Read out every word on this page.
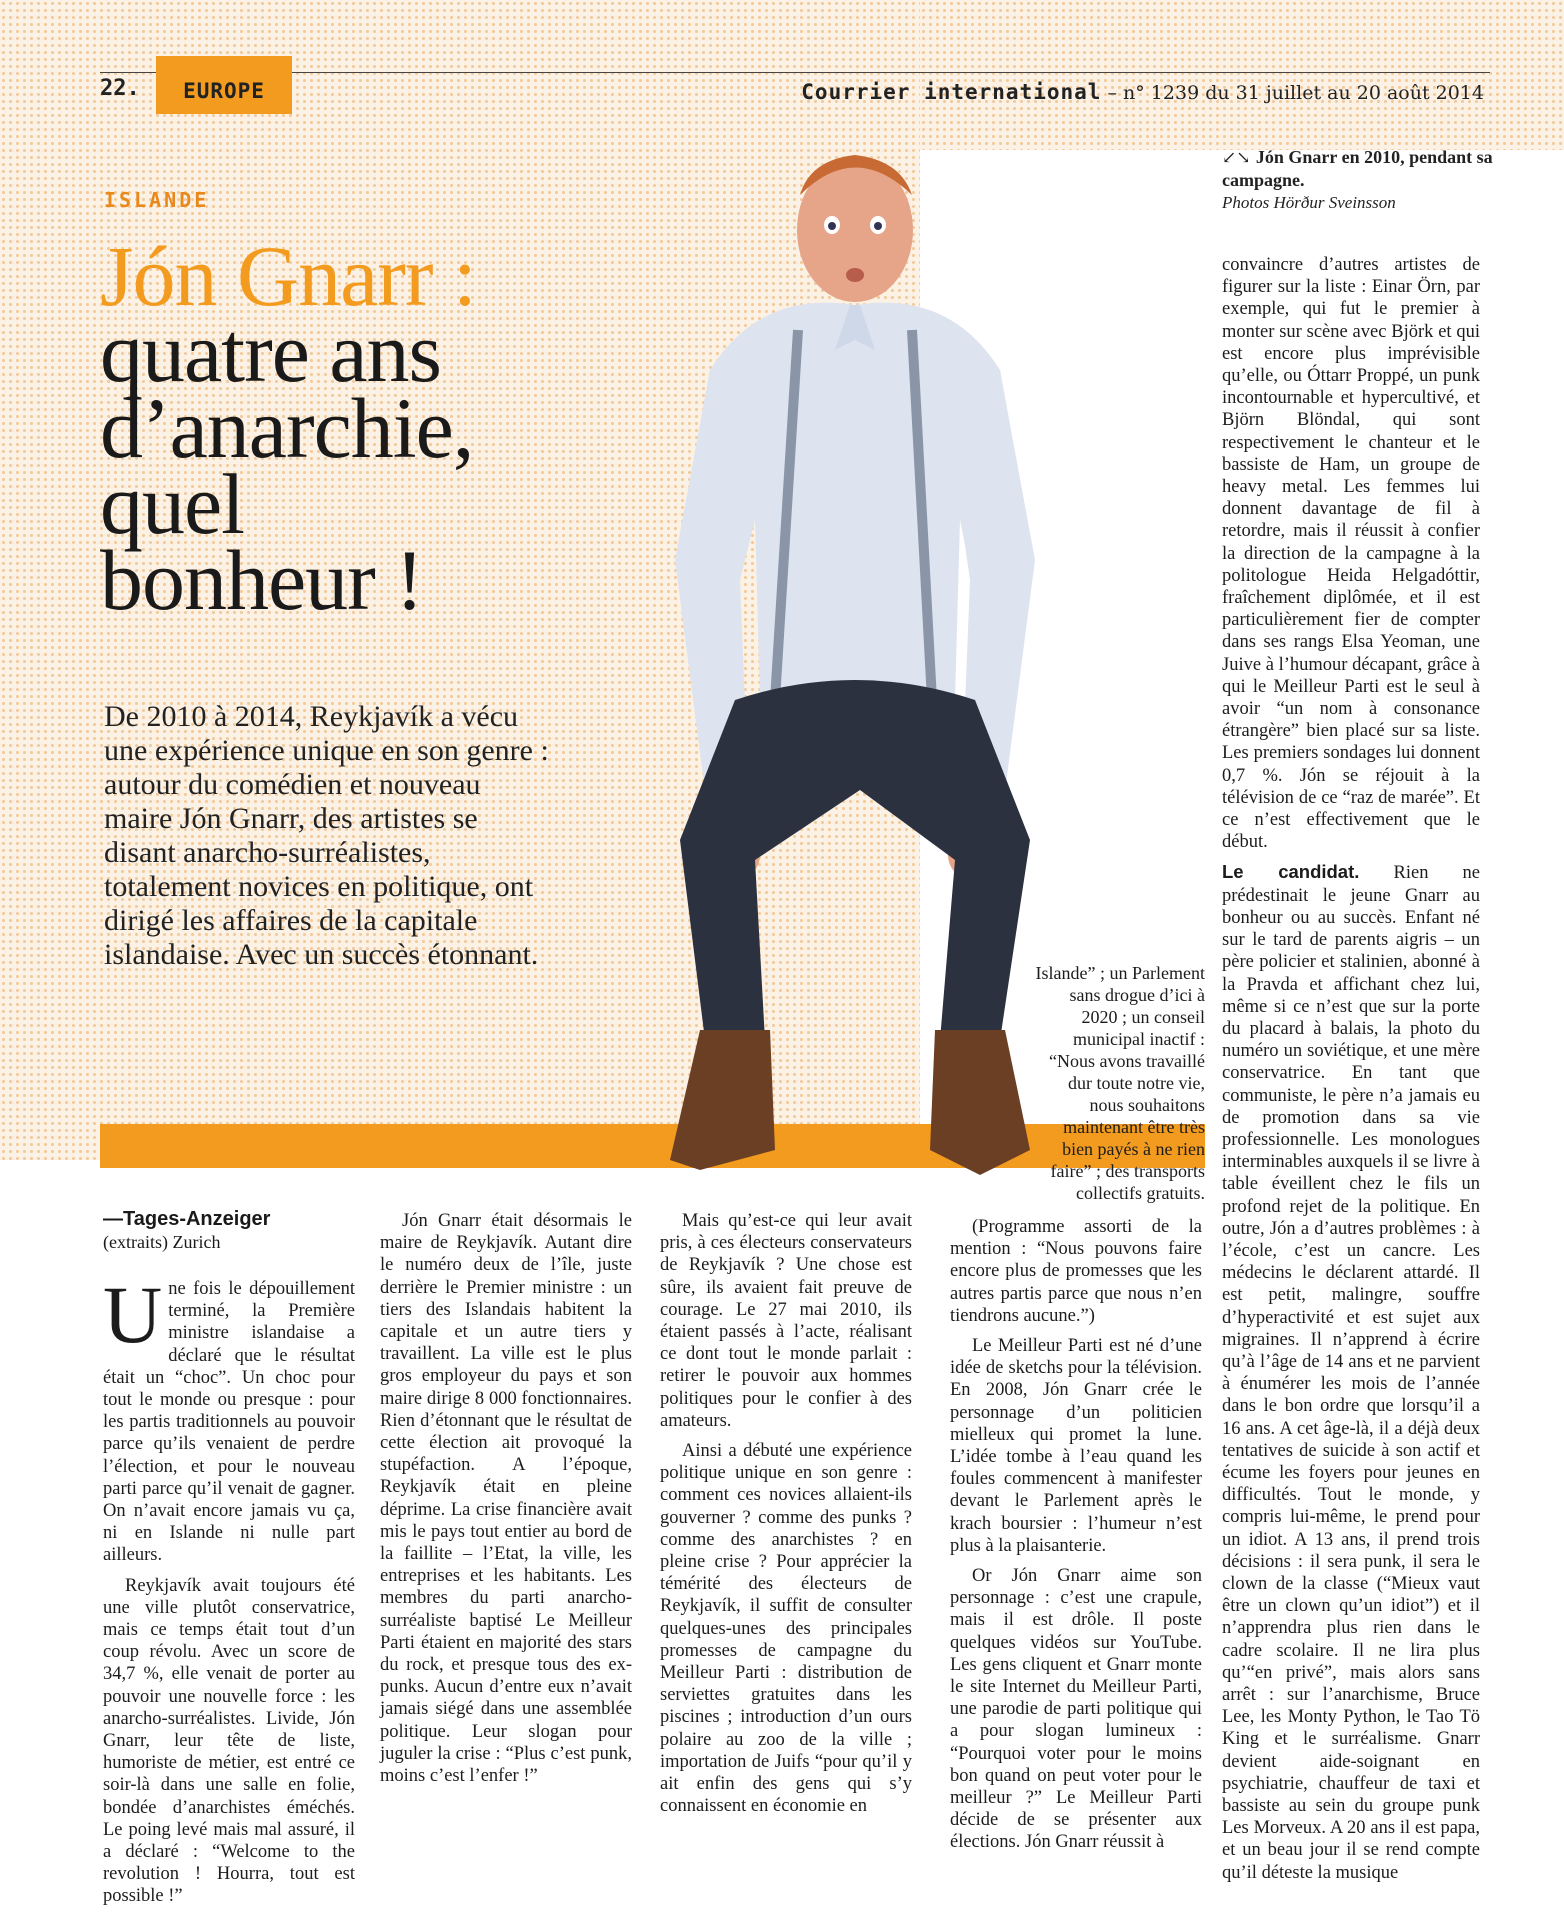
22.	EUROPE	Courrier international – n° 1239 du 31 juillet au 20 août 2014
ISLANDE
Jón Gnarr :
quatre ans
d’anarchie,
quel
bonheur !
De 2010 à 2014, Reykjavík a vécu une expérience unique en son genre : autour du comédien et nouveau maire Jón Gnarr, des artistes se disant anarcho-surréalistes, totalement novices en politique, ont dirigé les affaires de la capitale islandaise. Avec un succès étonnant.
↙↘ Jón Gnarr en 2010, pendant sa campagne.
Photos Hörður Sveinsson
—Tages-Anzeiger
(extraits) Zurich

Une fois le dépouillement terminé, la Première ministre islandaise a déclaré que le résultat était un “choc”. Un choc pour tout le monde ou presque : pour les partis traditionnels au pouvoir parce qu’ils venaient de perdre l’élection, et pour le nouveau parti parce qu’il venait de gagner. On n’avait encore jamais vu ça, ni en Islande ni nulle part ailleurs.

Reykjavík avait toujours été une ville plutôt conservatrice, mais ce temps était tout d’un coup révolu. Avec un score de 34,7 %, elle venait de porter au pouvoir une nouvelle force : les anarcho-surréalistes. Livide, Jón Gnarr, leur tête de liste, humoriste de métier, est entré ce soir-là dans une salle en folie, bondée d’anarchistes éméchés. Le poing levé mais mal assuré, il a déclaré : “Welcome to the revolution ! Hourra, tout est possible !”

Jón Gnarr était désormais le maire de Reykjavík. Autant dire le numéro deux de l’île, juste derrière le Premier ministre : un tiers des Islandais habitent la capitale et un autre tiers y travaillent. La ville est le plus gros employeur du pays et son maire dirige 8 000 fonctionnaires. Rien d’étonnant que le résultat de cette élection ait provoqué la stupéfaction. A l’époque, Reykjavík était en pleine déprime. La crise financière avait mis le pays tout entier au bord de la faillite – l’Etat, la ville, les entreprises et les habitants. Les membres du parti anarcho-surréaliste baptisé Le Meilleur Parti étaient en majorité des stars du rock, et presque tous des ex-punks. Aucun d’entre eux n’avait jamais siégé dans une assemblée politique. Leur slogan pour juguler la crise : “Plus c’est punk, moins c’est l’enfer !”

Mais qu’est-ce qui leur avait pris, à ces électeurs conservateurs de Reykjavík ? Une chose est sûre, ils avaient fait preuve de courage. Le 27 mai 2010, ils étaient passés à l’acte, réalisant ce dont tout le monde parlait : retirer le pouvoir aux hommes politiques pour le confier à des amateurs.

Ainsi a débuté une expérience politique unique en son genre : comment ces novices allaient-ils gouverner ? comme des punks ? comme des anarchistes ? en pleine crise ? Pour apprécier la témérité des électeurs de Reykjavík, il suffit de consulter quelques-unes des principales promesses de campagne du Meilleur Parti : distribution de serviettes gratuites dans les piscines ; introduction d’un ours polaire au zoo de la ville ; importation de Juifs “pour qu’il y ait enfin des gens qui s’y connaissent en économie en

Islande” ; un Parlement sans drogue d’ici à 2020 ; un conseil municipal inactif : “Nous avons travaillé dur toute notre vie, nous souhaitons maintenant être très bien payés à ne rien faire” ; des transports collectifs gratuits.

(Programme assorti de la mention : “Nous pouvons faire encore plus de promesses que les autres partis parce que nous n’en tiendrons aucune.”)

Le Meilleur Parti est né d’une idée de sketchs pour la télévision. En 2008, Jón Gnarr crée le personnage d’un politicien mielleux qui promet la lune. L’idée tombe à l’eau quand les foules commencent à manifester devant le Parlement après le krach boursier : l’humeur n’est plus à la plaisanterie.

Or Jón Gnarr aime son personnage : c’est une crapule, mais il est drôle. Il poste quelques vidéos sur YouTube. Les gens cliquent et Gnarr monte le site Internet du Meilleur Parti, une parodie de parti politique qui a pour slogan lumineux : “Pourquoi voter pour le moins bon quand on peut voter pour le meilleur ?” Le Meilleur Parti décide de se présenter aux élections. Jón Gnarr réussit à

convaincre d’autres artistes de figurer sur la liste : Einar Örn, par exemple, qui fut le premier à monter sur scène avec Björk et qui est encore plus imprévisible qu’elle, ou Óttarr Proppé, un punk incontournable et hypercultivé, et Björn Blöndal, qui sont respectivement le chanteur et le bassiste de Ham, un groupe de heavy metal. Les femmes lui donnent davantage de fil à retordre, mais il réussit à confier la direction de la campagne à la politologue Heida Helgadóttir, fraîchement diplômée, et il est particulièrement fier de compter dans ses rangs Elsa Yeoman, une Juive à l’humour décapant, grâce à qui le Meilleur Parti est le seul à avoir “un nom à consonance étrangère” bien placé sur sa liste. Les premiers sondages lui donnent 0,7 %. Jón se réjouit à la télévision de ce “raz de marée”. Et ce n’est effectivement que le début.

Le candidat. Rien ne prédestinait le jeune Gnarr au bonheur ou au succès. Enfant né sur le tard de parents aigris – un père policier et stalinien, abonné à la Pravda et affichant chez lui, même si ce n’est que sur la porte du placard à balais, la photo du numéro un soviétique, et une mère conservatrice. En tant que communiste, le père n’a jamais eu de promotion dans sa vie professionnelle. Les monologues interminables auxquels il se livre à table éveillent chez le fils un profond rejet de la politique. En outre, Jón a d’autres problèmes : à l’école, c’est un cancre. Les médecins le déclarent attardé. Il est petit, malingre, souffre d’hyperactivité et est sujet aux migraines. Il n’apprend à écrire qu’à l’âge de 14 ans et ne parvient à énumérer les mois de l’année dans le bon ordre que lorsqu’il a 16 ans. A cet âge-là, il a déjà deux tentatives de suicide à son actif et écume les foyers pour jeunes en difficultés. Tout le monde, y compris lui-même, le prend pour un idiot. A 13 ans, il prend trois décisions : il sera punk, il sera le clown de la classe (“Mieux vaut être un clown qu’un idiot”) et il n’apprendra plus rien dans le cadre scolaire. Il ne lira plus qu’“en privé”, mais alors sans arrêt : sur l’anarchisme, Bruce Lee, les Monty Python, le Tao Tö King et le surréalisme. Gnarr devient aide-soignant en psychiatrie, chauffeur de taxi et bassiste au sein du groupe punk Les Morveux. A 20 ans il est papa, et un beau jour il se rend compte qu’il déteste la musique
